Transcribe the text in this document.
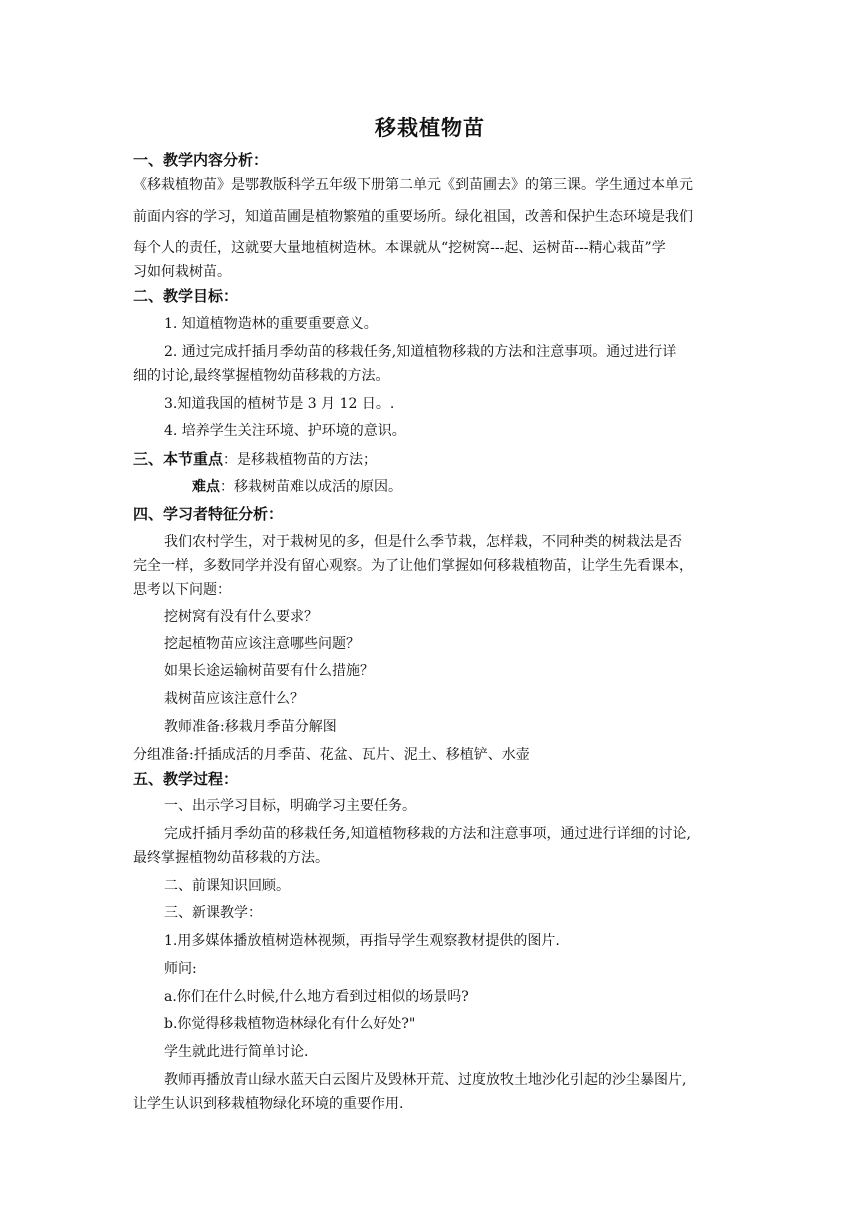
移栽植物苗
一、教学内容分析：
《移栽植物苗》是鄂教版科学五年级下册第二单元《到苗圃去》的第三课。学生通过本单元
前面内容的学习，知道苗圃是植物繁殖的重要场所。绿化祖国，改善和保护生态环境是我们
每个人的责任，这就要大量地植树造林。本课就从“挖树窝---起、运树苗---精心栽苗”学
习如何栽树苗。
二、教学目标：
1. 知道植物造林的重要重要意义。
2. 通过完成扦插月季幼苗的移栽任务,知道植物移栽的方法和注意事项。通过进行详
细的讨论,最终掌握植物幼苗移栽的方法。
3.知道我国的植树节是 3 月 12 日。.
4. 培养学生关注环境、护环境的意识。
三、本节重点：是移栽植物苗的方法；
难点：移栽树苗难以成活的原因。
四、学习者特征分析：
我们农村学生，对于栽树见的多，但是什么季节栽，怎样栽，不同种类的树栽法是否
完全一样，多数同学并没有留心观察。为了让他们掌握如何移栽植物苗，让学生先看课本，
思考以下问题：
挖树窝有没有什么要求？
挖起植物苗应该注意哪些问题？
如果长途运输树苗要有什么措施？
栽树苗应该注意什么？
教师准备:移栽月季苗分解图
分组准备:扦插成活的月季苗、花盆、瓦片、泥土、移植铲、水壶
五、教学过程：
一、出示学习目标，明确学习主要任务。
完成扦插月季幼苗的移栽任务,知道植物移栽的方法和注意事项，通过进行详细的讨论,
最终掌握植物幼苗移栽的方法。
二、前课知识回顾。
三、新课教学：
1.用多媒体播放植树造林视频，再指导学生观察教材提供的图片.
师问:
a.你们在什么时候,什么地方看到过相似的场景吗?
b.你觉得移栽植物造林绿化有什么好处?"
学生就此进行简单讨论.
教师再播放青山绿水蓝天白云图片及毁林开荒、过度放牧土地沙化引起的沙尘暴图片,
让学生认识到移栽植物绿化环境的重要作用.
